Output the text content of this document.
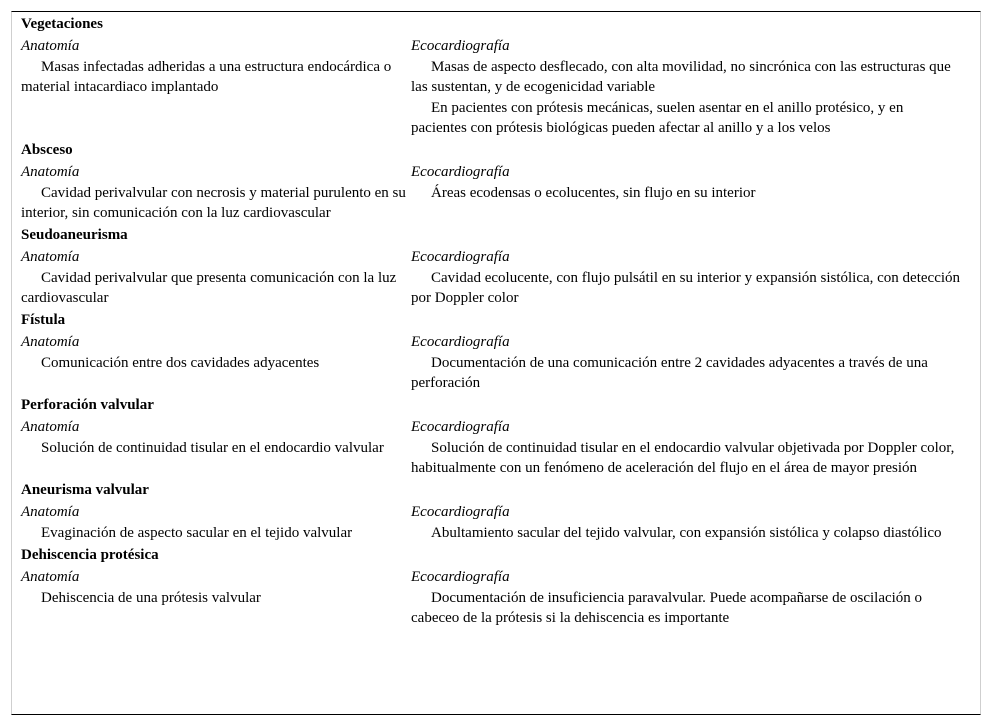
Vegetaciones
Anatomía

Masas infectadas adheridas a una estructura endocárdica o material intacardiaco implantado

Ecocardiografía

Masas de aspecto desflecado, con alta movilidad, no sincrónica con las estructuras que las sustentan, y de ecogenicidad variable

En pacientes con prótesis mecánicas, suelen asentar en el anillo protésico, y en pacientes con prótesis biológicas pueden afectar al anillo y a los velos

Absceso
Anatomía

Cavidad perivalvular con necrosis y material purulento en su interior, sin comunicación con la luz cardiovascular

Ecocardiografía

Áreas ecodensas o ecolucentes, sin flujo en su interior

Seudoaneurisma
Anatomía

Cavidad perivalvular que presenta comunicación con la luz cardiovascular

Ecocardiografía

Cavidad ecolucente, con flujo pulsátil en su interior y expansión sistólica, con detección por Doppler color

Fístula
Anatomía

Comunicación entre dos cavidades adyacentes

Ecocardiografía

Documentación de una comunicación entre 2 cavidades adyacentes a través de una perforación

Perforación valvular
Anatomía

Solución de continuidad tisular en el endocardio valvular

Ecocardiografía

Solución de continuidad tisular en el endocardio valvular objetivada por Doppler color, habitualmente con un fenómeno de aceleración del flujo en el área de mayor presión

Aneurisma valvular
Anatomía

Evaginación de aspecto sacular en el tejido valvular

Ecocardiografía

Abultamiento sacular del tejido valvular, con expansión sistólica y colapso diastólico

Dehiscencia protésica
Anatomía

Dehiscencia de una prótesis valvular

Ecocardiografía

Documentación de insuficiencia paravalvular. Puede acompañarse de oscilación o cabeceo de la prótesis si la dehiscencia es importante
